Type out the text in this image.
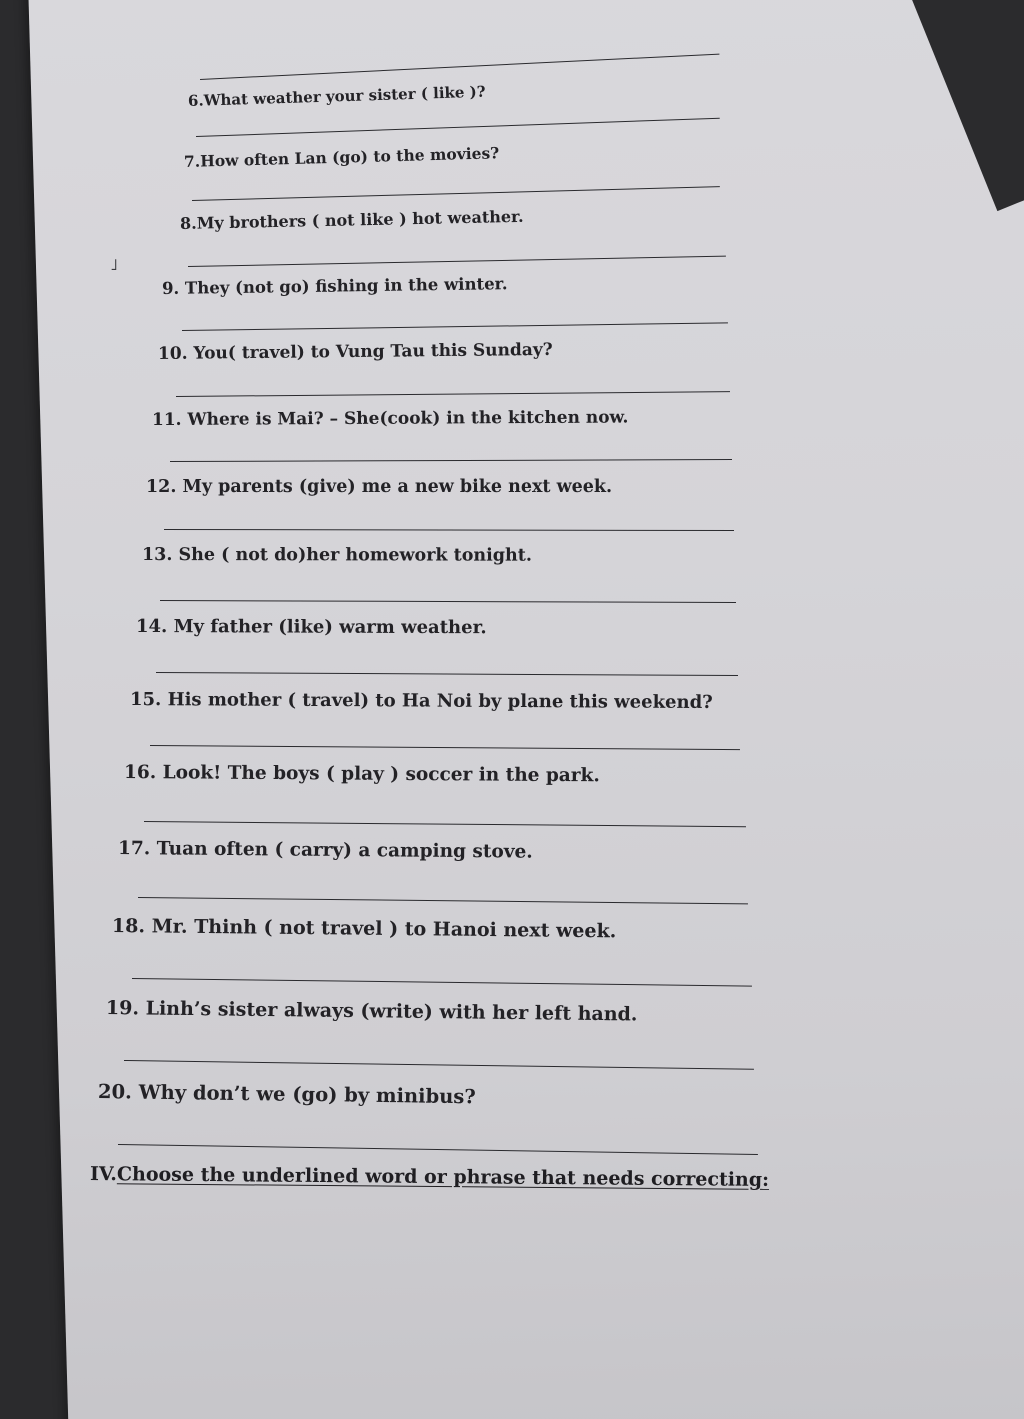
6.What weather your sister ( like )?
7.How often Lan (go) to the movies?
8.My brothers ( not like ) hot weather.
˩
9. They (not go) fishing in the winter.
10. You( travel) to Vung Tau this Sunday?
11. Where is Mai? – She(cook) in the kitchen now.
12. My parents (give) me a new bike next week.
13. She ( not do)her homework tonight.
14. My father (like) warm weather.
15. His mother ( travel) to Ha Noi by plane this weekend?
16. Look! The boys ( play ) soccer in the park.
17. Tuan often ( carry) a camping stove.
18. Mr. Thinh ( not travel ) to Hanoi next week.
19. Linh’s sister always (write) with her left hand.
20. Why don’t we (go) by minibus?
IV.Choose the underlined word or phrase that needs correcting:
